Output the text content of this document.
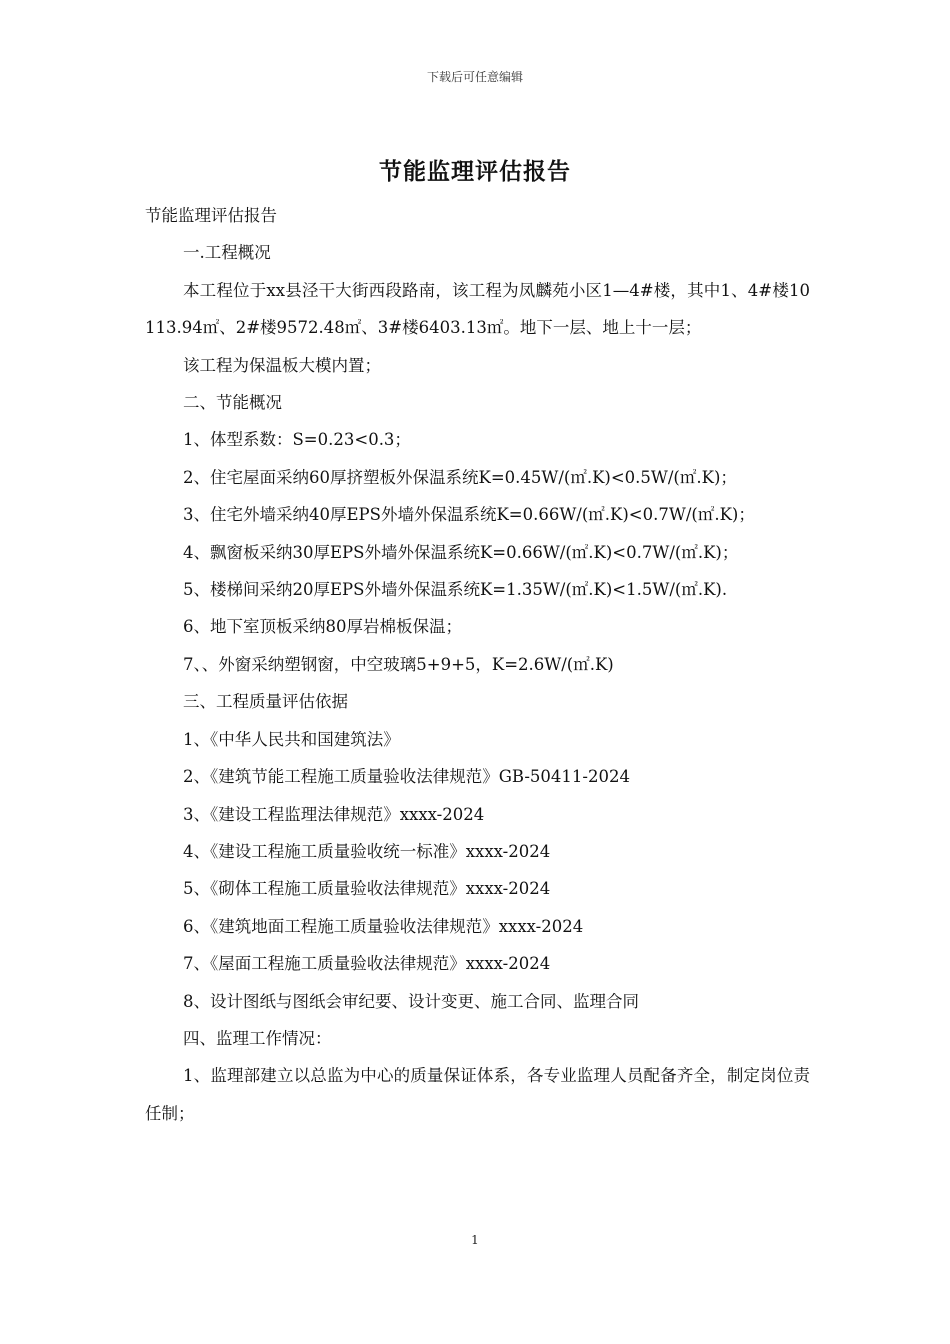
下载后可任意编辑
节能监理评估报告

节能监理评估报告

一.工程概况

本工程位于xx县泾干大街西段路南，该工程为凤麟苑小区1—4#楼，其中1、4#楼10113.94㎡、2#楼9572.48㎡、3#楼6403.13㎡。地下一层、地上十一层；

该工程为保温板大模内置；

二、节能概况

1、体型系数：S=0.23<0.3；

2、住宅屋面采纳60厚挤塑板外保温系统K=0.45W/(㎡.K)<0.5W/(㎡.K)；

3、住宅外墙采纳40厚EPS外墙外保温系统K=0.66W/(㎡.K)<0.7W/(㎡.K)；

4、飘窗板采纳30厚EPS外墙外保温系统K=0.66W/(㎡.K)<0.7W/(㎡.K)；

5、楼梯间采纳20厚EPS外墙外保温系统K=1.35W/(㎡.K)<1.5W/(㎡.K).

6、地下室顶板采纳80厚岩棉板保温；

7、、外窗采纳塑钢窗，中空玻璃5+9+5，K=2.6W/(㎡.K)

三、工程质量评估依据

1、《中华人民共和国建筑法》

2、《建筑节能工程施工质量验收法律规范》GB-50411-2024

3、《建设工程监理法律规范》xxxx-2024

4、《建设工程施工质量验收统一标准》xxxx-2024

5、《砌体工程施工质量验收法律规范》xxxx-2024

6、《建筑地面工程施工质量验收法律规范》xxxx-2024

7、《屋面工程施工质量验收法律规范》xxxx-2024

8、设计图纸与图纸会审纪要、设计变更、施工合同、监理合同

四、监理工作情况：

1、监理部建立以总监为中心的质量保证体系，各专业监理人员配备齐全，制定岗位责任制；

1
